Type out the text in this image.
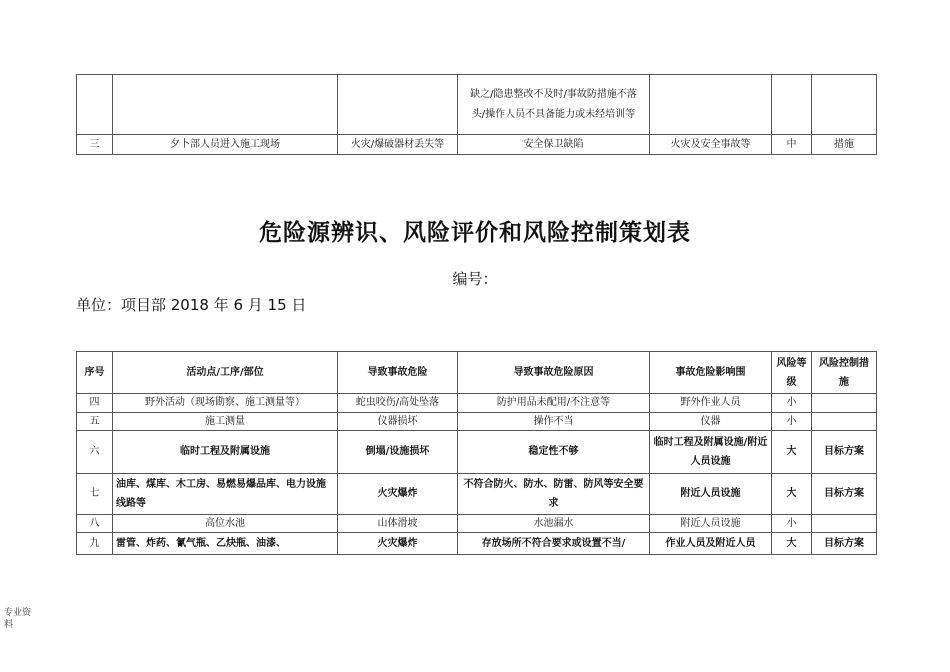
			缺之/隐患整改不及时/事故防措施不落头/操作人员不具备能力或未经培训等			
三	夕卜部人员进入施工现场	火灾/爆破器材丢失等	安全保卫缺陷	火灾及安全事故等	中	措施
危险源辨识、风险评价和风险控制策划表
编号：
单位：项目部 2018 年 6 月 15 日
序号	活动点/工序/部位	导致事故危险	导致事故危险原因	事故危险影响围	风险等级	风险控制措施
四	野外活动（现场勘察、施工测量等）	蛇虫咬伤/高处坠落	防护用品未配用/不注意等	野外作业人员	小	
五	施工测量	仪器损坏	操作不当	仪器	小	
六	临时工程及附属设施	倒塌/设施损坏	稳定性不够	临时工程及附属设施/附近人员设施	大	目标方案
七	油库、煤库、木工房、易燃易爆品库、电力设施线路等	火灾爆炸	不符合防火、防水、防雷、防风等安全要求	附近人员设施	大	目标方案
八	高位水池	山体滑坡	水池漏水	附近人员设施	小	
九	雷管、炸药、氰气瓶、乙炔瓶、油漆、	火灾爆炸	存放场所不符合要求或设置不当/	作业人员及附近人员	大	目标方案
专业资料
